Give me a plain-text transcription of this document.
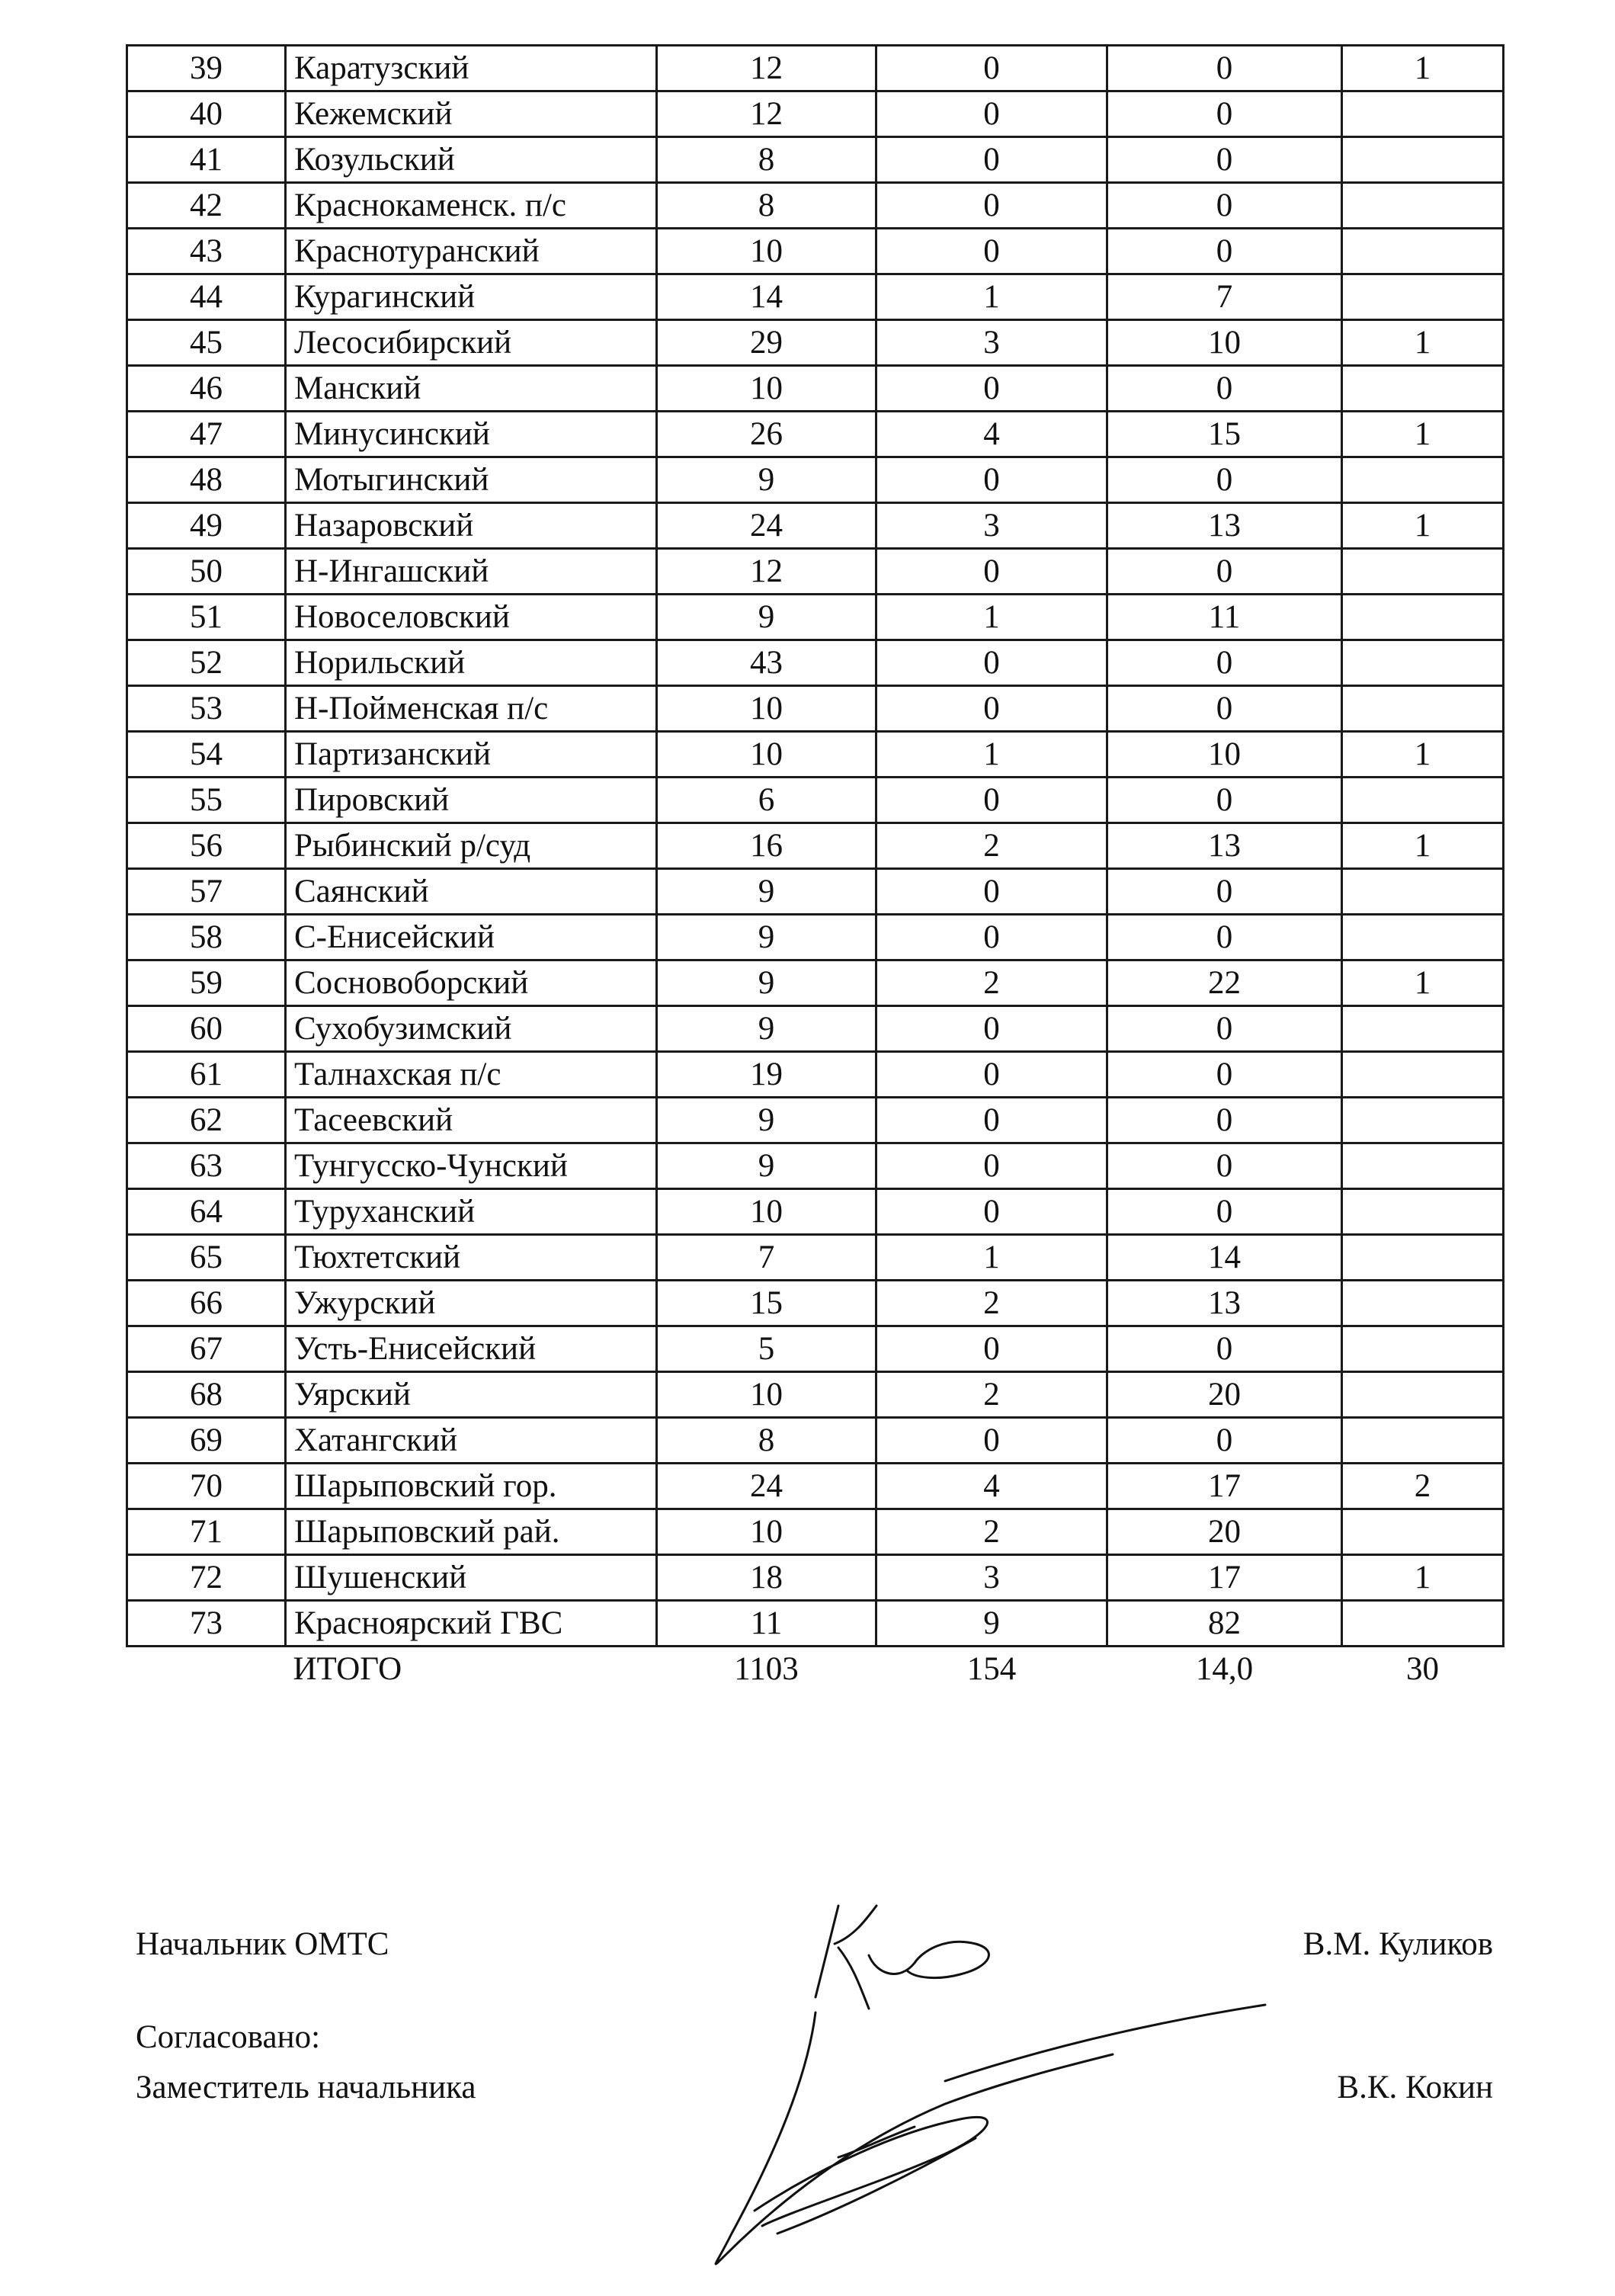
39	Каратузский	12	0	0	1
40	Кежемский	12	0	0	
41	Козульский	8	0	0	
42	Краснокаменск. п/с	8	0	0	
43	Краснотуранский	10	0	0	
44	Курагинский	14	1	7	
45	Лесосибирский	29	3	10	1
46	Манский	10	0	0	
47	Минусинский	26	4	15	1
48	Мотыгинский	9	0	0	
49	Назаровский	24	3	13	1
50	Н-Ингашский	12	0	0	
51	Новоселовский	9	1	11	
52	Норильский	43	0	0	
53	Н-Пойменская п/с	10	0	0	
54	Партизанский	10	1	10	1
55	Пировский	6	0	0	
56	Рыбинский р/суд	16	2	13	1
57	Саянский	9	0	0	
58	С-Енисейский	9	0	0	
59	Сосновоборский	9	2	22	1
60	Сухобузимский	9	0	0	
61	Талнахская п/с	19	0	0	
62	Тасеевский	9	0	0	
63	Тунгусско-Чунский	9	0	0	
64	Туруханский	10	0	0	
65	Тюхтетский	7	1	14	
66	Ужурский	15	2	13	
67	Усть-Енисейский	5	0	0	
68	Уярский	10	2	20	
69	Хатангский	8	0	0	
70	Шарыповский гор.	24	4	17	2
71	Шарыповский рай.	10	2	20	
72	Шушенский	18	3	17	1
73	Красноярский ГВС	11	9	82	
	ИТОГО	1103	154	14,0	30
Начальник ОМТС	В.М. Куликов
Согласовано:
Заместитель начальника	В.К. Кокин
